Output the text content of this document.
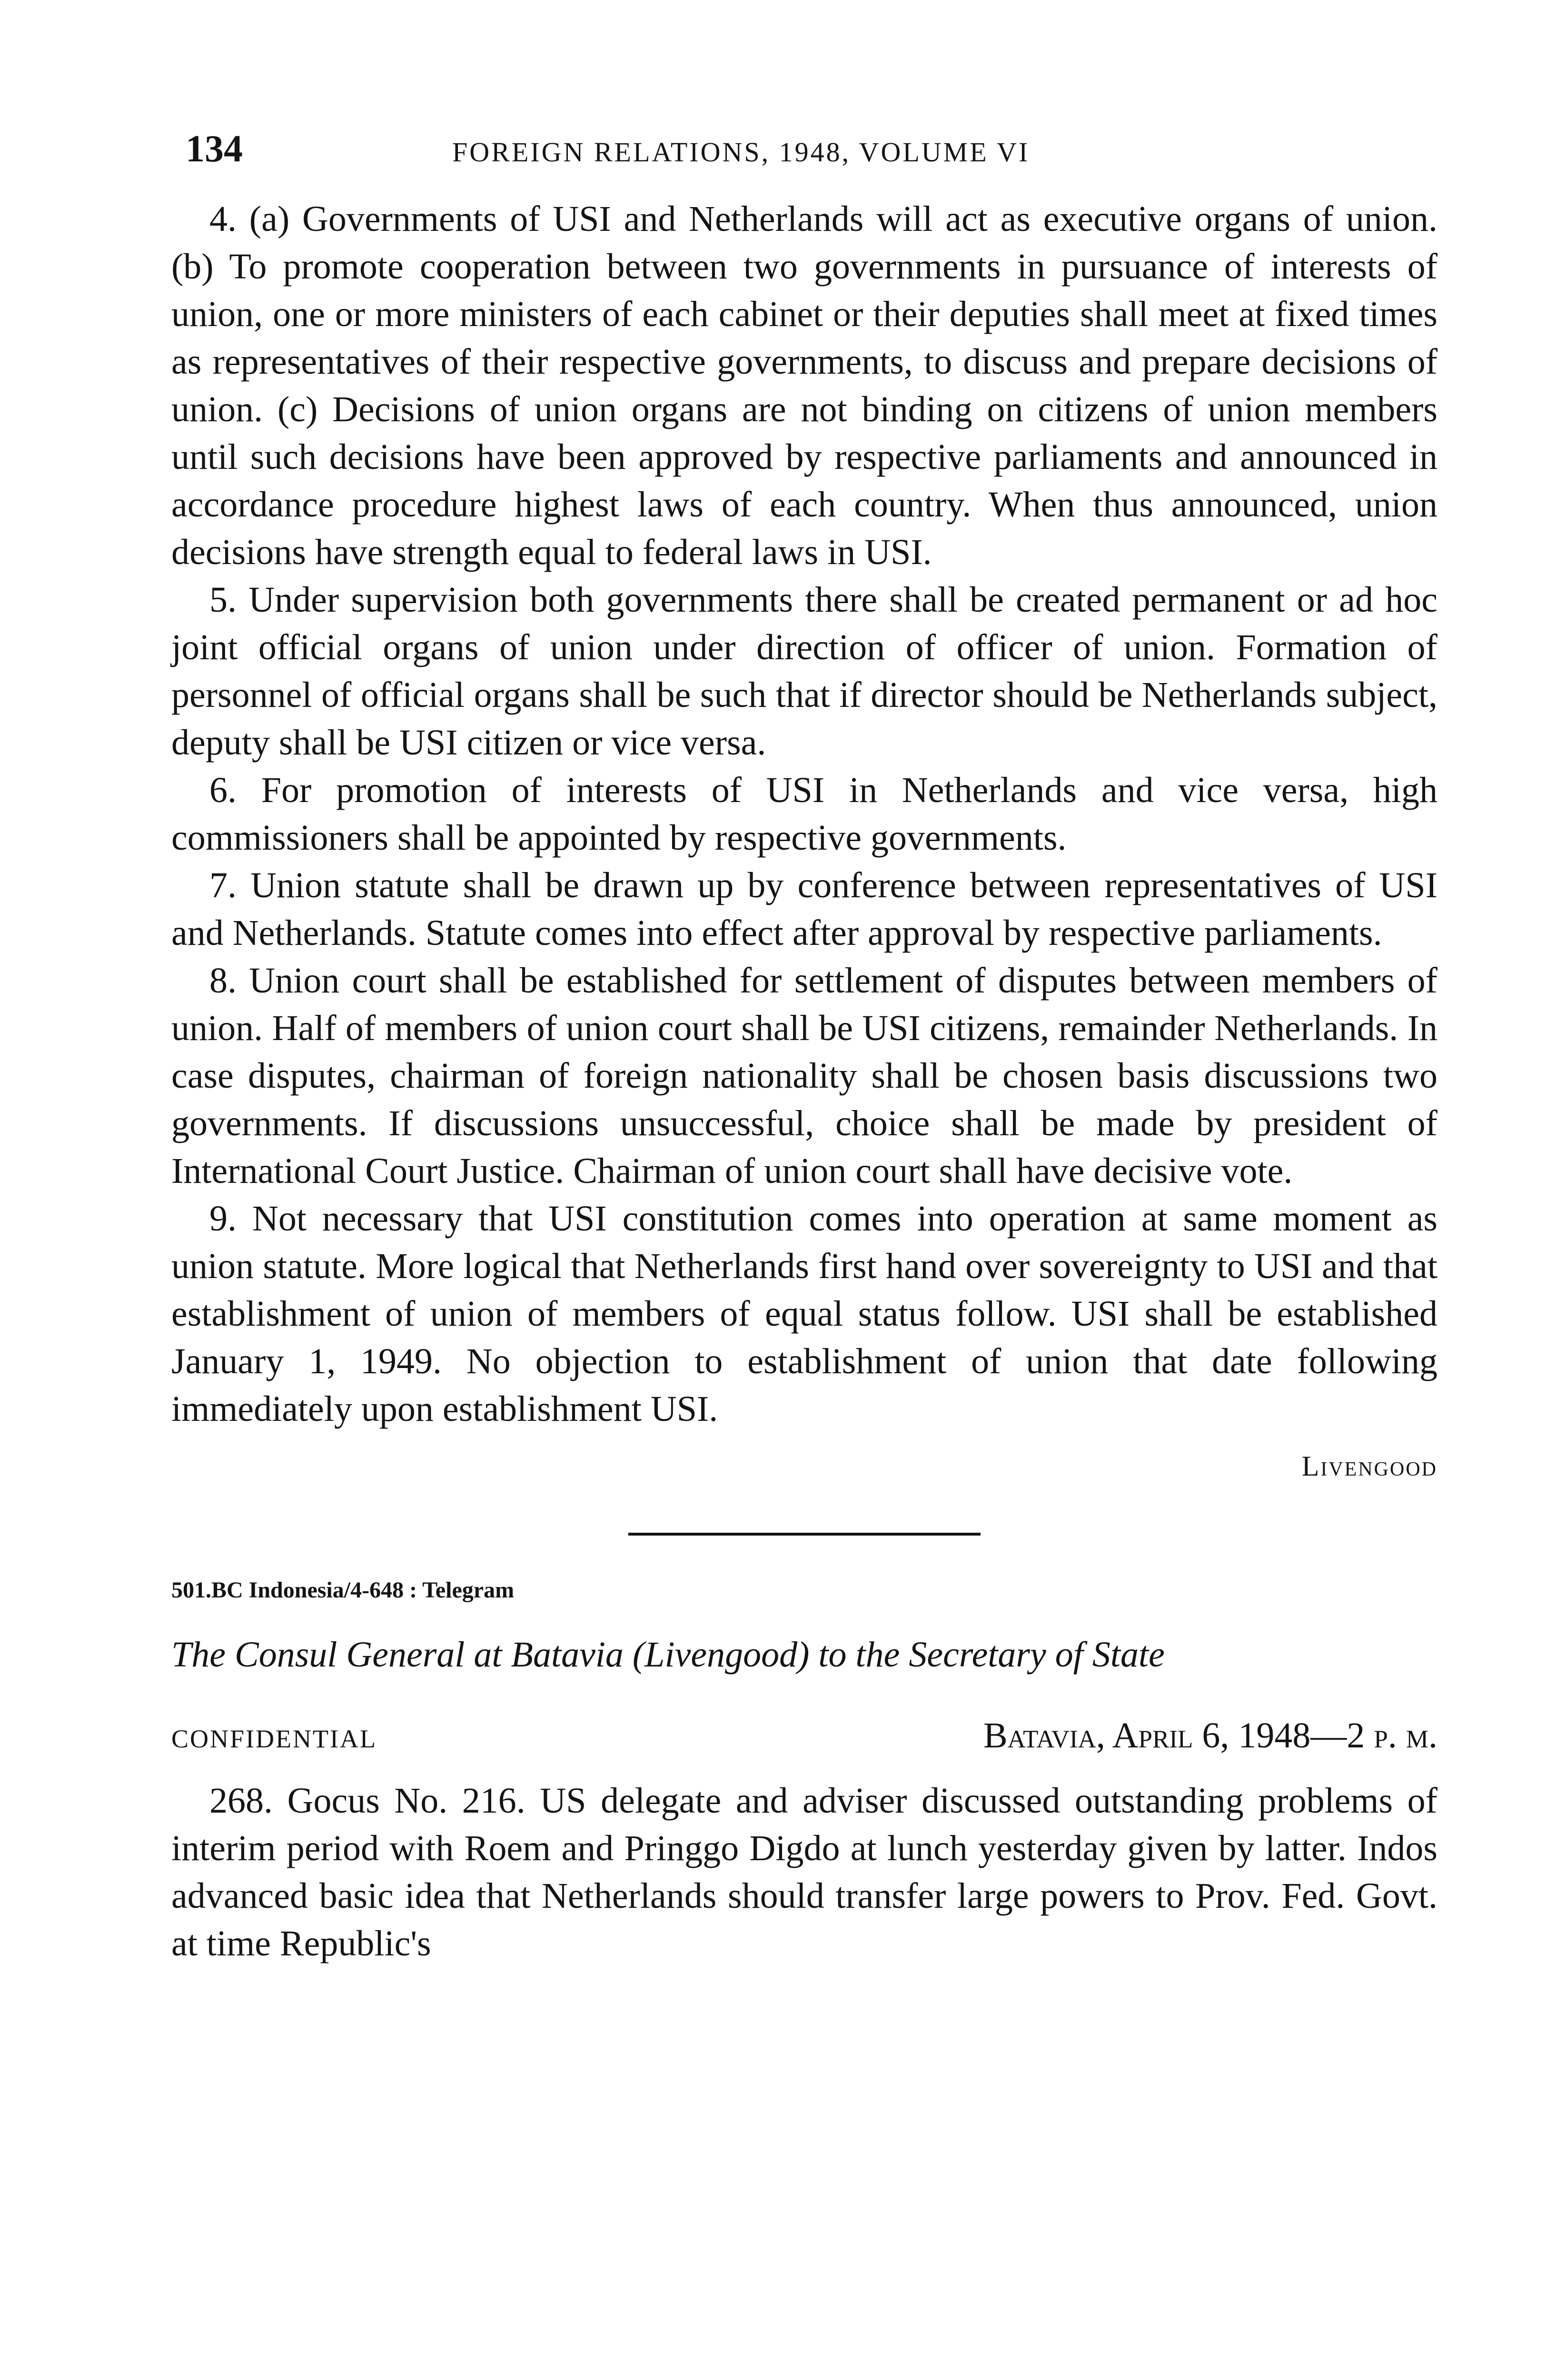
134	FOREIGN RELATIONS, 1948, VOLUME VI

4. (a) Governments of USI and Netherlands will act as executive organs of union. (b) To promote cooperation between two governments in pursuance of interests of union, one or more ministers of each cabinet or their deputies shall meet at fixed times as representatives of their respective governments, to discuss and prepare decisions of union. (c) Decisions of union organs are not binding on citizens of union members until such decisions have been approved by respective parliaments and announced in accordance procedure highest laws of each country. When thus announced, union decisions have strength equal to federal laws in USI.

5. Under supervision both governments there shall be created permanent or ad hoc joint official organs of union under direction of officer of union. Formation of personnel of official organs shall be such that if director should be Netherlands subject, deputy shall be USI citizen or vice versa.

6. For promotion of interests of USI in Netherlands and vice versa, high commissioners shall be appointed by respective governments.

7. Union statute shall be drawn up by conference between representatives of USI and Netherlands. Statute comes into effect after approval by respective parliaments.

8. Union court shall be established for settlement of disputes between members of union. Half of members of union court shall be USI citizens, remainder Netherlands. In case disputes, chairman of foreign nationality shall be chosen basis discussions two governments. If discussions unsuccessful, choice shall be made by president of International Court Justice. Chairman of union court shall have decisive vote.

9. Not necessary that USI constitution comes into operation at same moment as union statute. More logical that Netherlands first hand over sovereignty to USI and that establishment of union of members of equal status follow. USI shall be established January 1, 1949. No objection to establishment of union that date following immediately upon establishment USI.

Livengood

501.BC Indonesia/4-648 : Telegram

The Consul General at Batavia (Livengood) to the Secretary of State

CONFIDENTIAL	Batavia, April 6, 1948—2 p. m.

268. Gocus No. 216. US delegate and adviser discussed outstanding problems of interim period with Roem and Pringgo Digdo at lunch yesterday given by latter. Indos advanced basic idea that Netherlands should transfer large powers to Prov. Fed. Govt. at time Republic's
